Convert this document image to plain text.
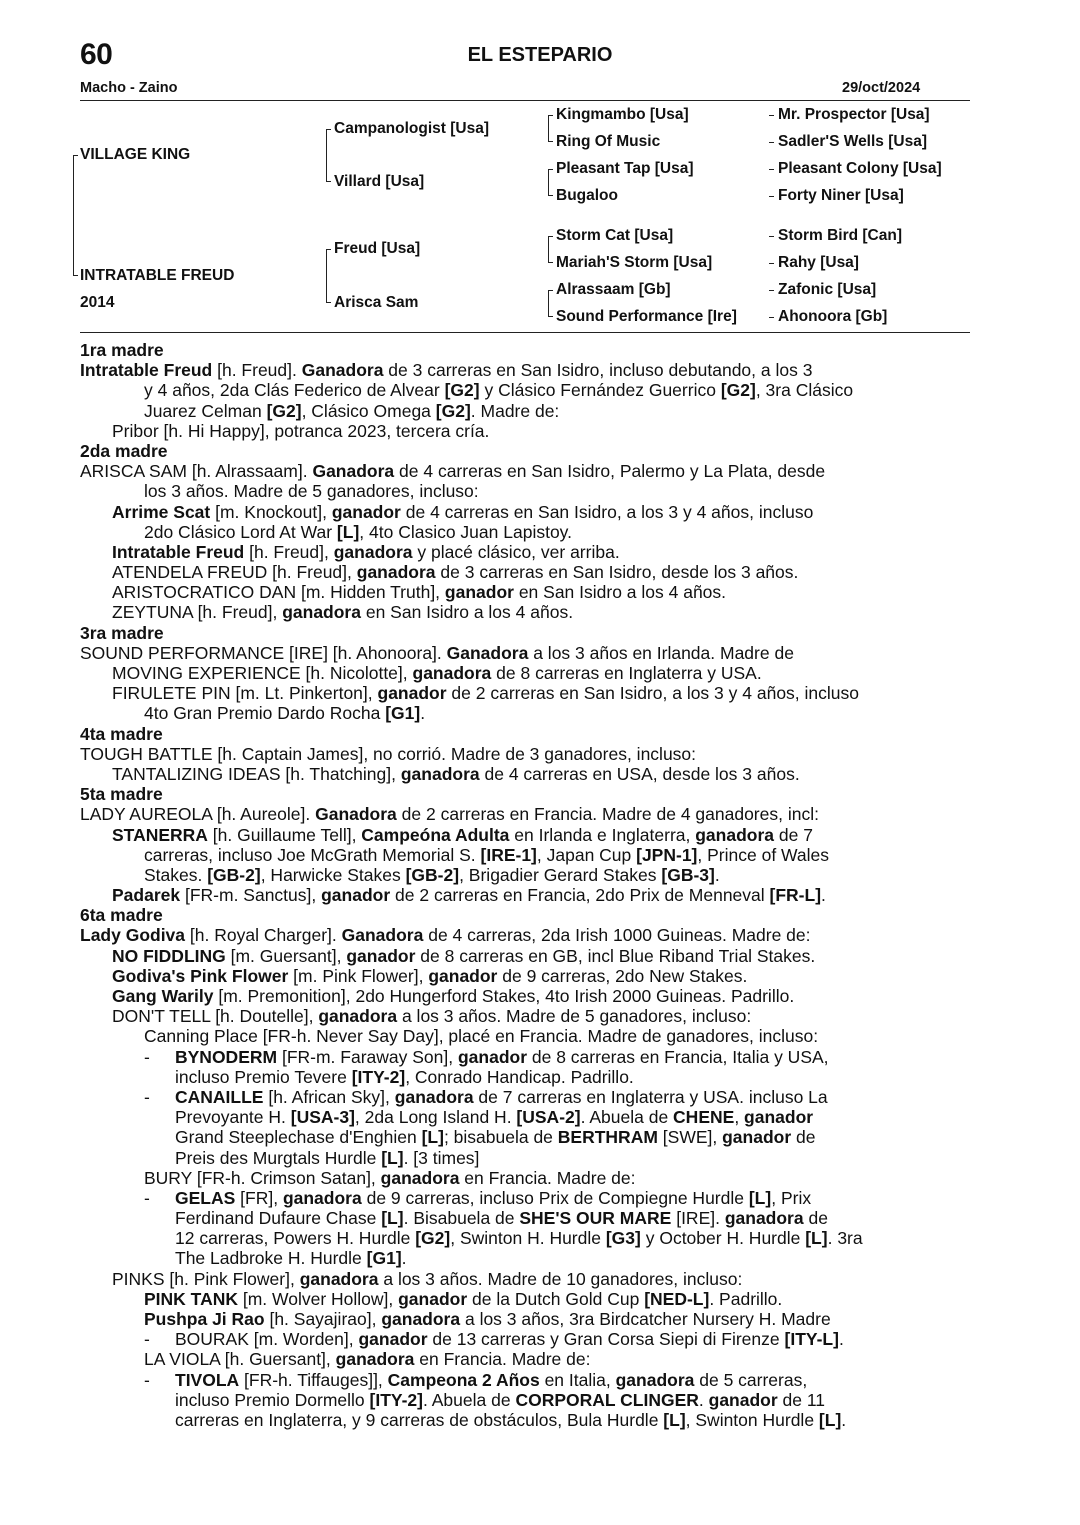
60	EL ESTEPARIO
Macho - Zaino	29/oct/2024
VILLAGE KING
INTRATABLE FREUD
2014
Campanologist [Usa]
Villard [Usa]
Freud [Usa]
Arisca Sam
Kingmambo [Usa]
Ring Of Music
Pleasant Tap [Usa]
Bugaloo
Storm Cat [Usa]
Mariah'S Storm [Usa]
Alrassaam [Gb]
Sound Performance [Ire]
Mr. Prospector [Usa]
Sadler'S Wells [Usa]
Pleasant Colony [Usa]
Forty Niner [Usa]
Storm Bird [Can]
Rahy [Usa]
Zafonic [Usa]
Ahonoora [Gb]
1ra madre
Intratable Freud [h. Freud]. Ganadora de 3 carreras en San Isidro, incluso debutando, a los 3
y 4 años, 2da Clás Federico de Alvear [G2] y Clásico Fernández Guerrico [G2], 3ra Clásico
Juarez Celman [G2], Clásico Omega [G2]. Madre de:
Pribor [h. Hi Happy], potranca 2023, tercera cría.
2da madre
ARISCA SAM [h. Alrassaam]. Ganadora de 4 carreras en San Isidro, Palermo y La Plata, desde
los 3 años. Madre de 5 ganadores, incluso:
Arrime Scat [m. Knockout], ganador de 4 carreras en San Isidro, a los 3 y 4 años, incluso
2do Clásico Lord At War [L], 4to Clasico Juan Lapistoy.
Intratable Freud [h. Freud], ganadora y placé clásico, ver arriba.
ATENDELA FREUD [h. Freud], ganadora de 3 carreras en San Isidro, desde los 3 años.
ARISTOCRATICO DAN [m. Hidden Truth], ganador en San Isidro a los 4 años.
ZEYTUNA [h. Freud], ganadora en San Isidro a los 4 años.
3ra madre
SOUND PERFORMANCE [IRE] [h. Ahonoora]. Ganadora a los 3 años en Irlanda. Madre de
MOVING EXPERIENCE [h. Nicolotte], ganadora de 8 carreras en Inglaterra y USA.
FIRULETE PIN [m. Lt. Pinkerton], ganador de 2 carreras en San Isidro, a los 3 y 4 años, incluso
4to Gran Premio Dardo Rocha [G1].
4ta madre
TOUGH BATTLE [h. Captain James], no corrió. Madre de 3 ganadores, incluso:
TANTALIZING IDEAS [h. Thatching], ganadora de 4 carreras en USA, desde los 3 años.
5ta madre
LADY AUREOLA [h. Aureole]. Ganadora de 2 carreras en Francia. Madre de 4 ganadores, incl:
STANERRA [h. Guillaume Tell], Campeóna Adulta en Irlanda e Inglaterra, ganadora de 7
carreras, incluso Joe McGrath Memorial S. [IRE-1], Japan Cup [JPN-1], Prince of Wales
Stakes. [GB-2], Harwicke Stakes [GB-2], Brigadier Gerard Stakes [GB-3].
Padarek [FR-m. Sanctus], ganador de 2 carreras en Francia, 2do Prix de Menneval [FR-L].
6ta madre
Lady Godiva [h. Royal Charger]. Ganadora de 4 carreras, 2da Irish 1000 Guineas. Madre de:
NO FIDDLING [m. Guersant], ganador de 8 carreras en GB, incl Blue Riband Trial Stakes.
Godiva's Pink Flower [m. Pink Flower], ganador de 9 carreras, 2do New Stakes.
Gang Warily [m. Premonition], 2do Hungerford Stakes, 4to Irish 2000 Guineas. Padrillo.
DON'T TELL [h. Doutelle], ganadora a los 3 años. Madre de 5 ganadores, incluso:
Canning Place [FR-h. Never Say Day], placé en Francia. Madre de ganadores, incluso:
- BYNODERM [FR-m. Faraway Son], ganador de 8 carreras en Francia, Italia y USA,
incluso Premio Tevere [ITY-2], Conrado Handicap. Padrillo.
- CANAILLE [h. African Sky], ganadora de 7 carreras en Inglaterra y USA. incluso La
Prevoyante H. [USA-3], 2da Long Island H. [USA-2]. Abuela de CHENE, ganador
Grand Steeplechase d'Enghien [L]; bisabuela de BERTHRAM [SWE], ganador de
Preis des Murgtals Hurdle [L]. [3 times]
BURY [FR-h. Crimson Satan], ganadora en Francia. Madre de:
- GELAS [FR], ganadora de 9 carreras, incluso Prix de Compiegne Hurdle [L], Prix
Ferdinand Dufaure Chase [L]. Bisabuela de SHE'S OUR MARE [IRE]. ganadora de
12 carreras, Powers H. Hurdle [G2], Swinton H. Hurdle [G3] y October H. Hurdle [L]. 3ra
The Ladbroke H. Hurdle [G1].
PINKS [h. Pink Flower], ganadora a los 3 años. Madre de 10 ganadores, incluso:
PINK TANK [m. Wolver Hollow], ganador de la Dutch Gold Cup [NED-L]. Padrillo.
Pushpa Ji Rao [h. Sayajirao], ganadora a los 3 años, 3ra Birdcatcher Nursery H. Madre
- BOURAK [m. Worden], ganador de 13 carreras y Gran Corsa Siepi di Firenze [ITY-L].
LA VIOLA [h. Guersant], ganadora en Francia. Madre de:
- TIVOLA [FR-h. Tiffauges]], Campeona 2 Años en Italia, ganadora de 5 carreras,
incluso Premio Dormello [ITY-2]. Abuela de CORPORAL CLINGER. ganador de 11
carreras en Inglaterra, y 9 carreras de obstáculos, Bula Hurdle [L], Swinton Hurdle [L].
